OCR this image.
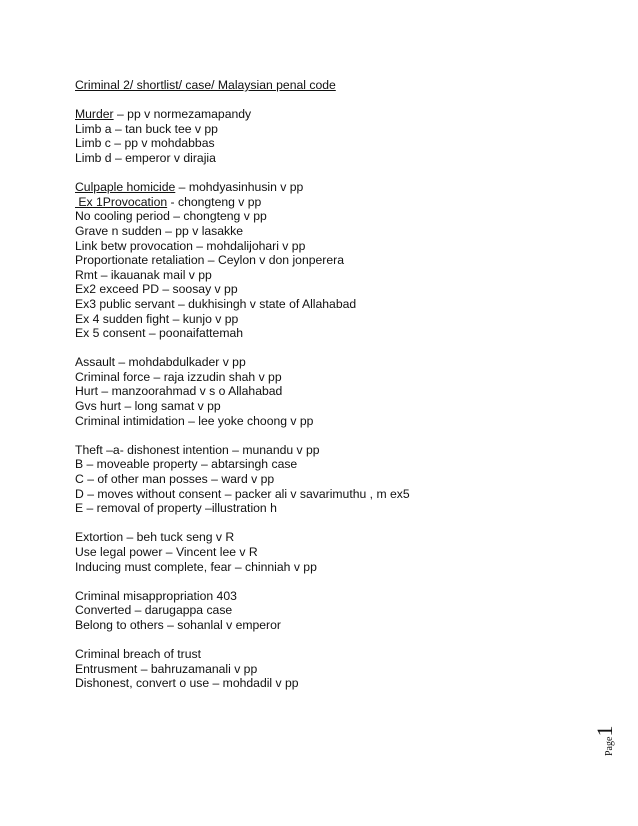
Criminal 2/ shortlist/ case/ Malaysian penal code
Murder – pp v normezamapandy
Limb a – tan buck tee v pp
Limb c – pp v mohdabbas
Limb d – emperor v dirajia
Culpaple homicide – mohdyasinhusin v pp
Ex 1Provocation - chongteng v pp
No cooling period – chongteng v pp
Grave n sudden – pp v lasakke
Link betw provocation – mohdalijohari v pp
Proportionate retaliation – Ceylon v don jonperera
Rmt – ikauanak mail v pp
Ex2 exceed PD – soosay v pp
Ex3 public servant – dukhisingh v state of Allahabad
Ex 4 sudden fight – kunjo v pp
Ex 5 consent – poonaifattemah
Assault – mohdabdulkader v pp
Criminal force – raja izzudin shah v pp
Hurt – manzoorahmad v s o Allahabad
Gvs hurt – long samat v pp
Criminal intimidation – lee yoke choong v pp
Theft –a- dishonest intention – munandu v pp
B – moveable property – abtarsingh case
C – of other man posses – ward v pp
D – moves without consent – packer ali v savarimuthu , m ex5
E – removal of property –illustration h
Extortion – beh tuck seng v R
Use legal power – Vincent lee v R
Inducing must complete, fear – chinniah v pp
Criminal misappropriation 403
Converted – darugappa case
Belong to others – sohanlal v emperor
Criminal breach of trust
Entrusment – bahruzamanali v pp
Dishonest, convert o use – mohdadil v pp
Page1
